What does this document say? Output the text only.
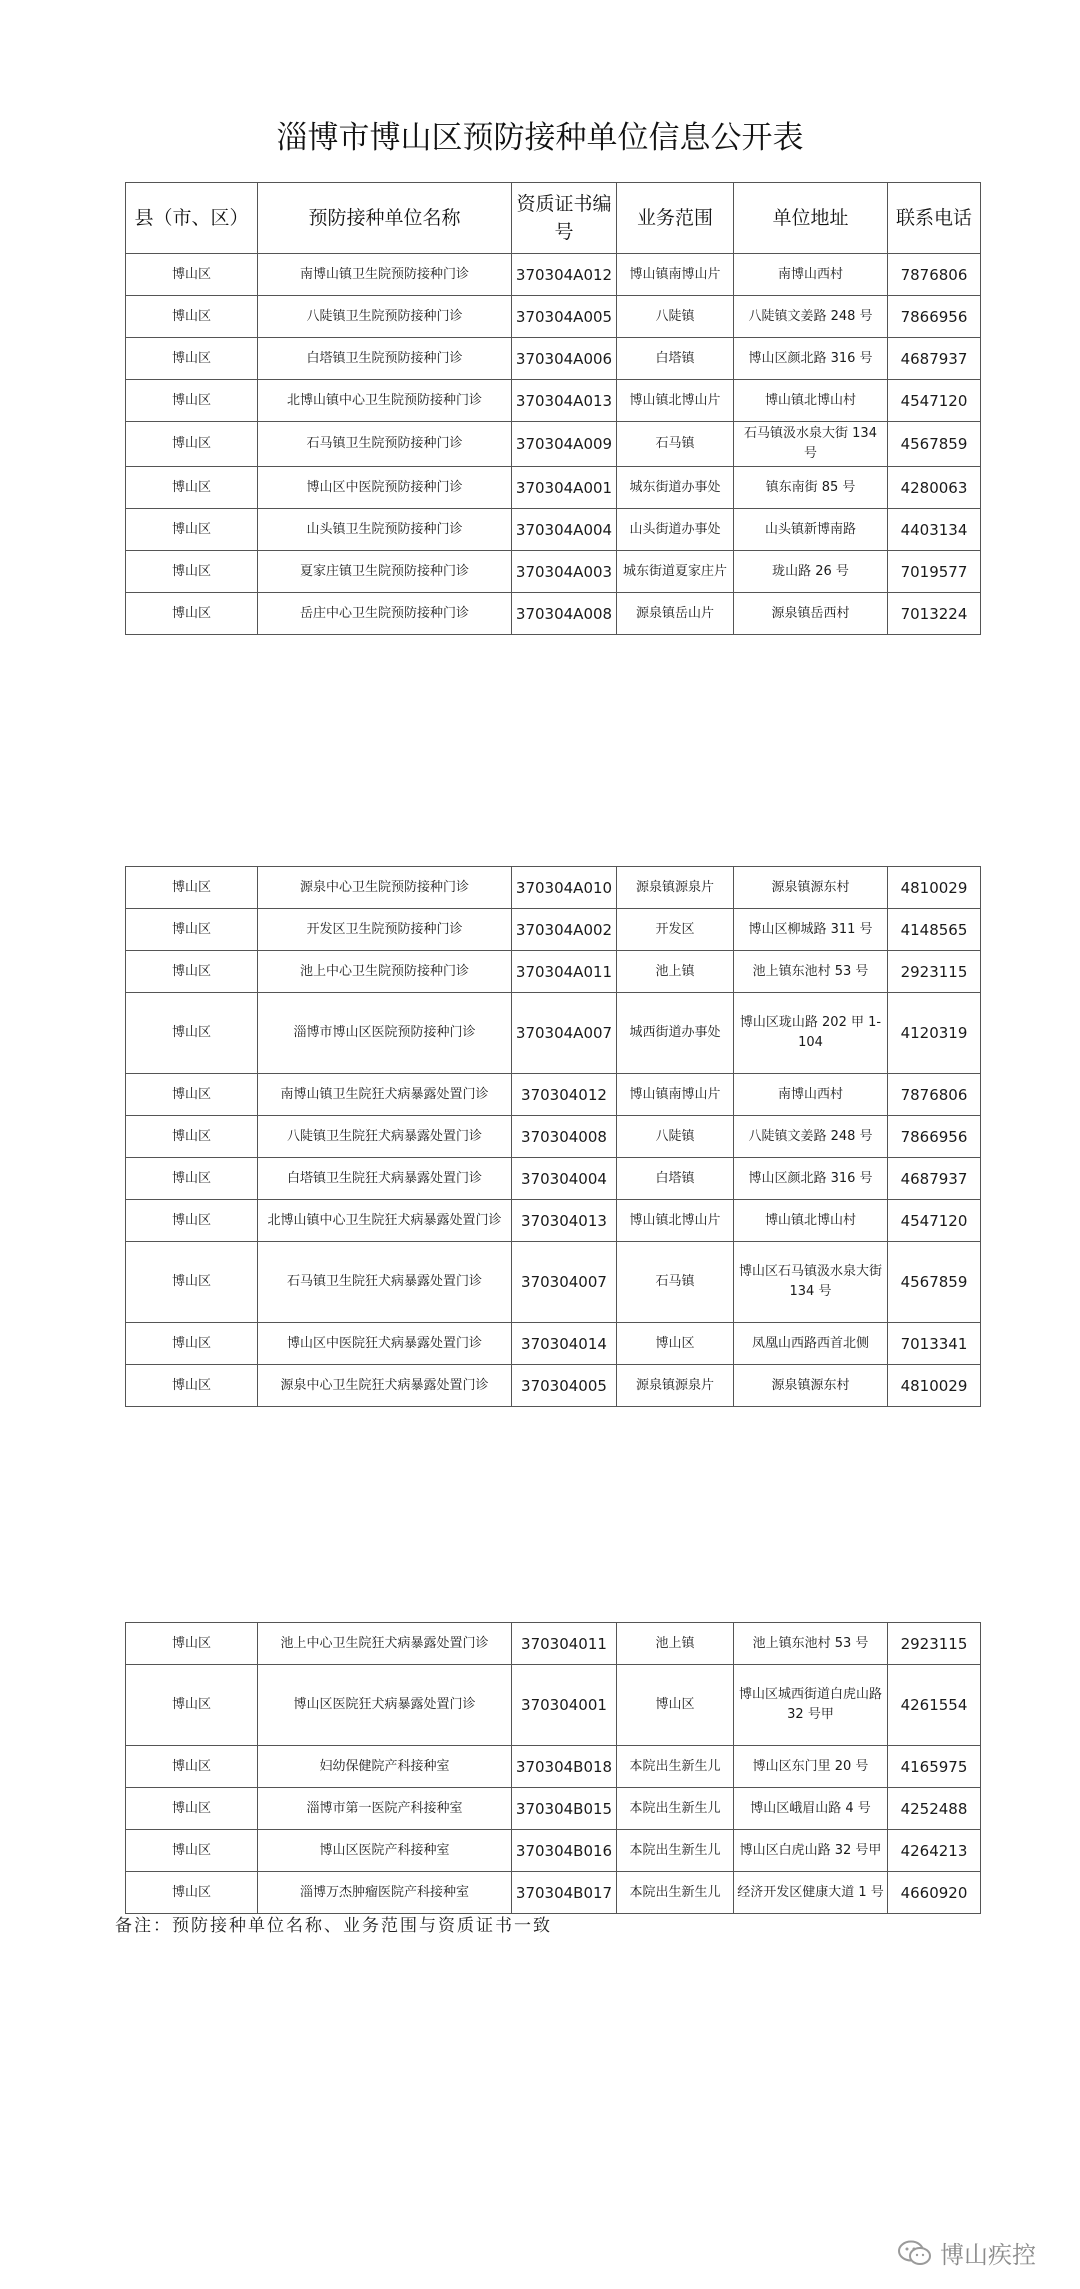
淄博市博山区预防接种单位信息公开表
县（市、区）	预防接种单位名称	资质证书编号	业务范围	单位地址	联系电话
博山区	南博山镇卫生院预防接种门诊	370304A012	博山镇南博山片	南博山西村	7876806
博山区	八陡镇卫生院预防接种门诊	370304A005	八陡镇	八陡镇文姜路 248 号	7866956
博山区	白塔镇卫生院预防接种门诊	370304A006	白塔镇	博山区颜北路 316 号	4687937
博山区	北博山镇中心卫生院预防接种门诊	370304A013	博山镇北博山片	博山镇北博山村	4547120
博山区	石马镇卫生院预防接种门诊	370304A009	石马镇	石马镇汲水泉大街 134 号	4567859
博山区	博山区中医院预防接种门诊	370304A001	城东街道办事处	镇东南街 85 号	4280063
博山区	山头镇卫生院预防接种门诊	370304A004	山头街道办事处	山头镇新博南路	4403134
博山区	夏家庄镇卫生院预防接种门诊	370304A003	城东街道夏家庄片	珑山路 26 号	7019577
博山区	岳庄中心卫生院预防接种门诊	370304A008	源泉镇岳山片	源泉镇岳西村	7013224
博山区	源泉中心卫生院预防接种门诊	370304A010	源泉镇源泉片	源泉镇源东村	4810029
博山区	开发区卫生院预防接种门诊	370304A002	开发区	博山区柳城路 311 号	4148565
博山区	池上中心卫生院预防接种门诊	370304A011	池上镇	池上镇东池村 53 号	2923115
博山区	淄博市博山区医院预防接种门诊	370304A007	城西街道办事处	博山区珑山路 202 甲 1-104	4120319
博山区	南博山镇卫生院狂犬病暴露处置门诊	370304012	博山镇南博山片	南博山西村	7876806
博山区	八陡镇卫生院狂犬病暴露处置门诊	370304008	八陡镇	八陡镇文姜路 248 号	7866956
博山区	白塔镇卫生院狂犬病暴露处置门诊	370304004	白塔镇	博山区颜北路 316 号	4687937
博山区	北博山镇中心卫生院狂犬病暴露处置门诊	370304013	博山镇北博山片	博山镇北博山村	4547120
博山区	石马镇卫生院狂犬病暴露处置门诊	370304007	石马镇	博山区石马镇汲水泉大街 134 号	4567859
博山区	博山区中医院狂犬病暴露处置门诊	370304014	博山区	凤凰山西路西首北侧	7013341
博山区	源泉中心卫生院狂犬病暴露处置门诊	370304005	源泉镇源泉片	源泉镇源东村	4810029
博山区	池上中心卫生院狂犬病暴露处置门诊	370304011	池上镇	池上镇东池村 53 号	2923115
博山区	博山区医院狂犬病暴露处置门诊	370304001	博山区	博山区城西街道白虎山路 32 号甲	4261554
博山区	妇幼保健院产科接种室	370304B018	本院出生新生儿	博山区东门里 20 号	4165975
博山区	淄博市第一医院产科接种室	370304B015	本院出生新生儿	博山区峨眉山路 4 号	4252488
博山区	博山区医院产科接种室	370304B016	本院出生新生儿	博山区白虎山路 32 号甲	4264213
博山区	淄博万杰肿瘤医院产科接种室	370304B017	本院出生新生儿	经济开发区健康大道 1 号	4660920
备注：预防接种单位名称、业务范围与资质证书一致
博山疾控
